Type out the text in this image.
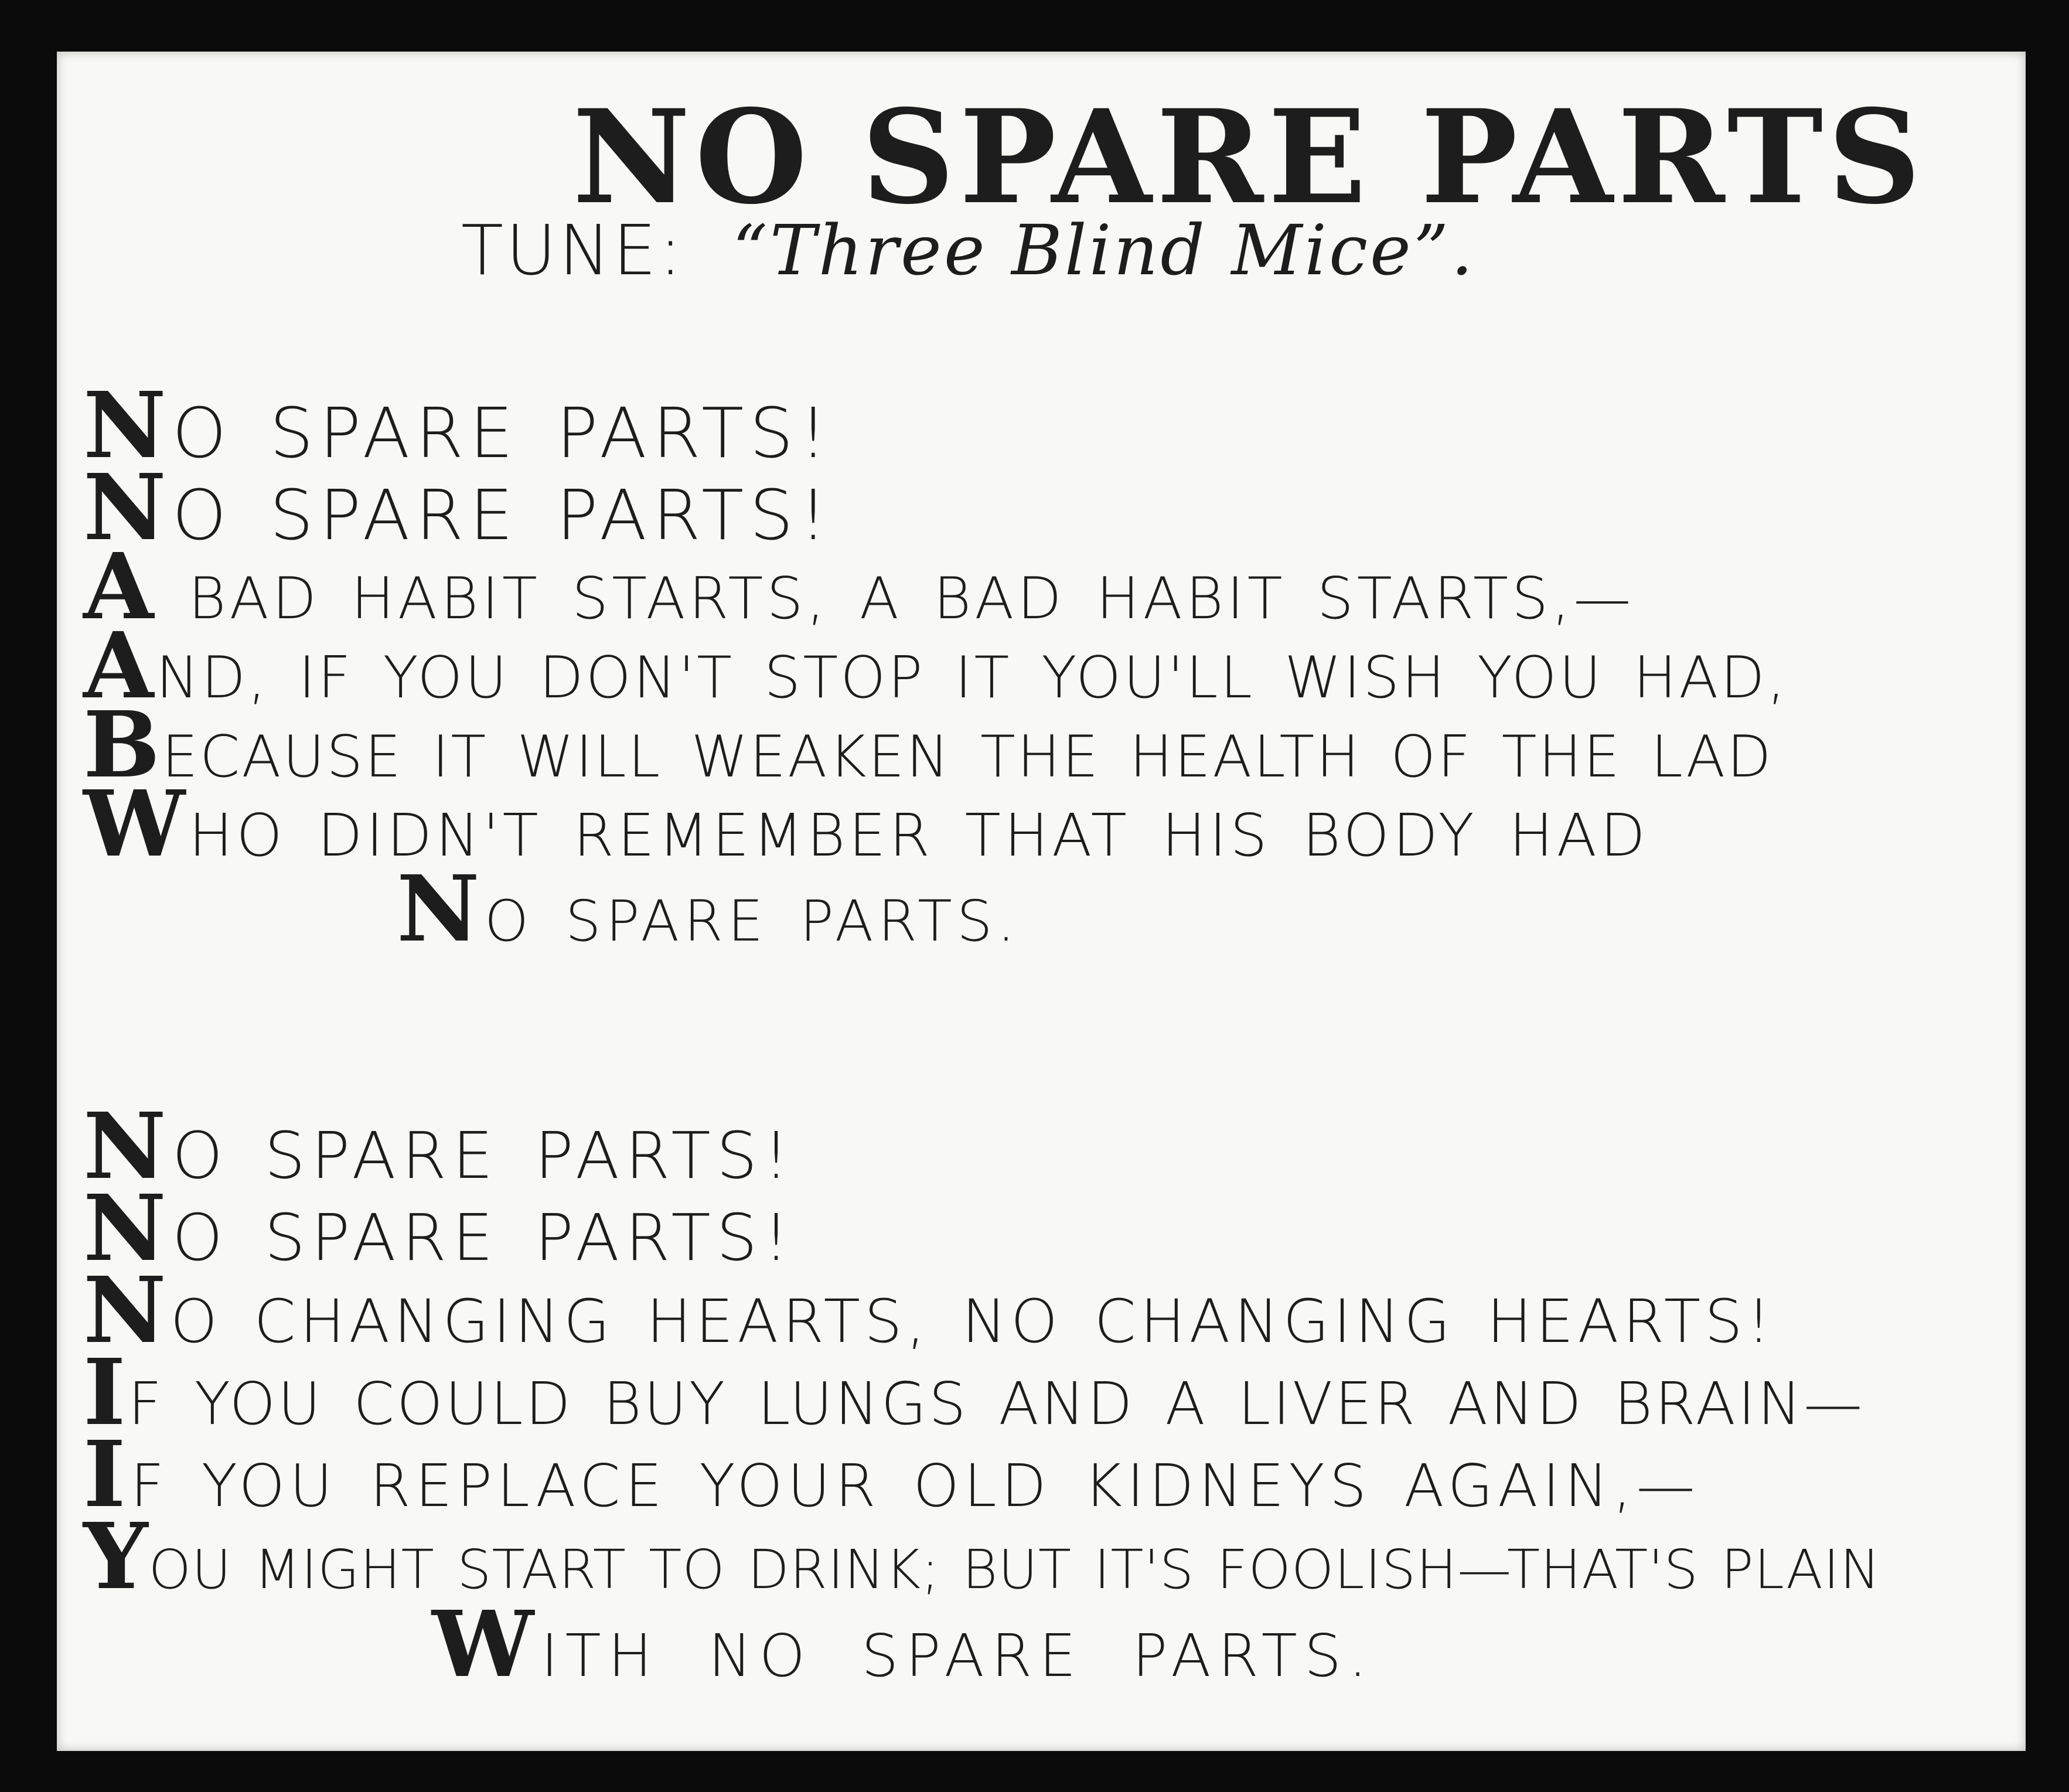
NO SPARE PARTS
TUNE: “Three Blind Mice”.
NO SPARE PARTS!
NO SPARE PARTS!
A BAD HABIT STARTS, A BAD HABIT STARTS,—
AND, IF YOU DON'T STOP IT YOU'LL WISH YOU HAD,
BECAUSE IT WILL WEAKEN THE HEALTH OF THE LAD
WHO DIDN'T REMEMBER THAT HIS BODY HAD
NO SPARE PARTS.
NO SPARE PARTS!
NO SPARE PARTS!
NO CHANGING HEARTS, NO CHANGING HEARTS!
IF YOU COULD BUY LUNGS AND A LIVER AND BRAIN—
IF YOU REPLACE YOUR OLD KIDNEYS AGAIN,—
YOU MIGHT START TO DRINK; BUT IT'S FOOLISH—THAT'S PLAIN
WITH NO SPARE PARTS.
